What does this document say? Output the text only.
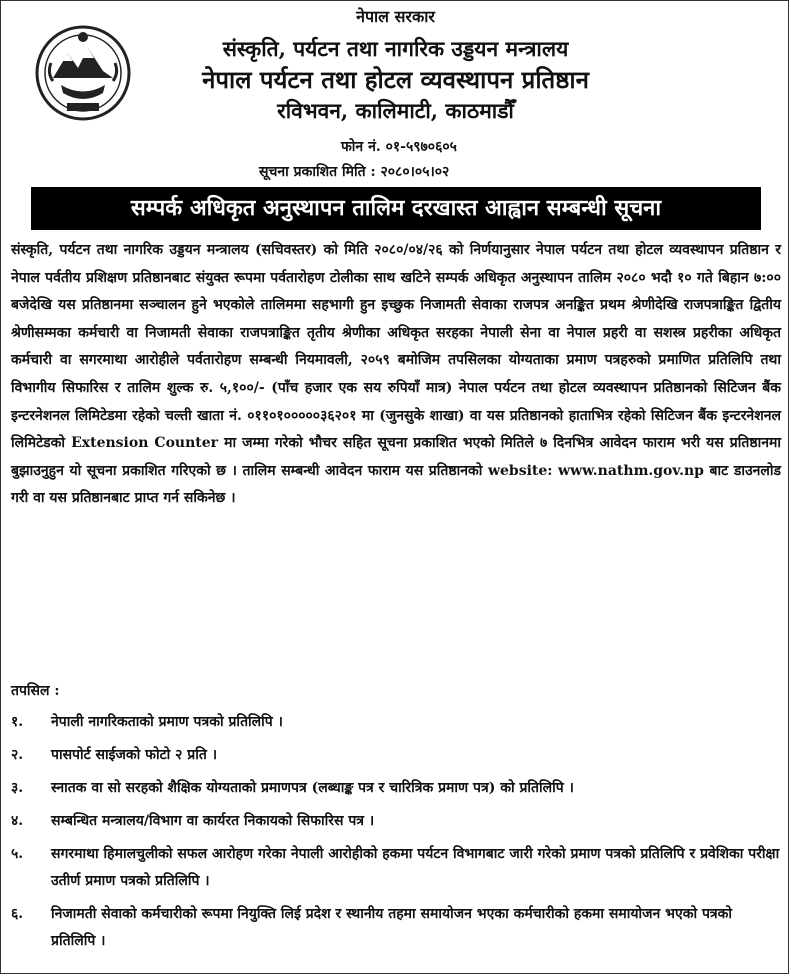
नेपाल सरकार
संस्कृति, पर्यटन तथा नागरिक उड्डयन मन्त्रालय
नेपाल पर्यटन तथा होटल व्यवस्थापन प्रतिष्ठान
रविभवन, कालिमाटी, काठमाडौँ
फोन नं. ०१-५९७०६०५
सूचना प्रकाशित मिति : २०८०।०५।०२
सम्पर्क अधिकृत अनुस्थापन तालिम दरखास्त आह्वान सम्बन्धी सूचना

संस्कृति, पर्यटन तथा नागरिक उड्डयन मन्त्रालय (सचिवस्तर) को मिति २०८०/०४/२६ को निर्णयानुसार नेपाल पर्यटन तथा होटल व्यवस्थापन प्रतिष्ठान र नेपाल पर्वतीय प्रशिक्षण प्रतिष्ठानबाट संयुक्त रूपमा पर्वतारोहण टोलीका साथ खटिने सम्पर्क अधिकृत अनुस्थापन तालिम २०८० भदौ १० गते बिहान ७:०० बजेदेखि यस प्रतिष्ठानमा सञ्चालन हुने भएकोले तालिममा सहभागी हुन इच्छुक निजामती सेवाका राजपत्र अनङ्कित प्रथम श्रेणीदेखि राजपत्राङ्कित द्वितीय श्रेणीसम्मका कर्मचारी वा निजामती सेवाका राजपत्राङ्कित तृतीय श्रेणीका अधिकृत सरहका नेपाली सेना वा नेपाल प्रहरी वा सशस्त्र प्रहरीका अधिकृत कर्मचारी वा सगरमाथा आरोहीले पर्वतारोहण सम्बन्धी नियमावली, २०५९ बमोजिम तपसिलका योग्यताका प्रमाण पत्रहरुको प्रमाणित प्रतिलिपि तथा विभागीय सिफारिस र तालिम शुल्क रु. ५,१००/- (पाँच हजार एक सय रुपियाँ मात्र) नेपाल पर्यटन तथा होटल व्यवस्थापन प्रतिष्ठानको सिटिजन बैंक इन्टरनेशनल लिमिटेडमा रहेको चल्ती खाता नं. ०११०१०००००३६२०१ मा (जुनसुके शाखा) वा यस प्रतिष्ठानको हाताभित्र रहेको सिटिजन बैंक इन्टरनेशनल लिमिटेडको Extension Counter मा जम्मा गरेको भौचर सहित सूचना प्रकाशित भएको मितिले ७ दिनभित्र आवेदन फाराम भरी यस प्रतिष्ठानमा बुझाउनुहुन यो सूचना प्रकाशित गरिएको छ । तालिम सम्बन्धी आवेदन फाराम यस प्रतिष्ठानको website: www.nathm.gov.np बाट डाउनलोड गरी वा यस प्रतिष्ठानबाट प्राप्त गर्न सकिनेछ ।

तपसिल :
१. नेपाली नागरिकताको प्रमाण पत्रको प्रतिलिपि ।
२. पासपोर्ट साईजको फोटो २ प्रति ।
३. स्नातक वा सो सरहको शैक्षिक योग्यताको प्रमाणपत्र (लब्धाङ्क पत्र र चारित्रिक प्रमाण पत्र) को प्रतिलिपि ।
४. सम्बन्धित मन्त्रालय/विभाग वा कार्यरत निकायको सिफारिस पत्र ।
५. सगरमाथा हिमालचुलीको सफल आरोहण गरेका नेपाली आरोहीको हकमा पर्यटन विभागबाट जारी गरेको प्रमाण पत्रको प्रतिलिपि र प्रवेशिका परीक्षा उतीर्ण प्रमाण पत्रको प्रतिलिपि ।
६. निजामती सेवाको कर्मचारीको रूपमा नियुक्ति लिई प्रदेश र स्थानीय तहमा समायोजन भएका कर्मचारीको हकमा समायोजन भएको पत्रको प्रतिलिपि ।
